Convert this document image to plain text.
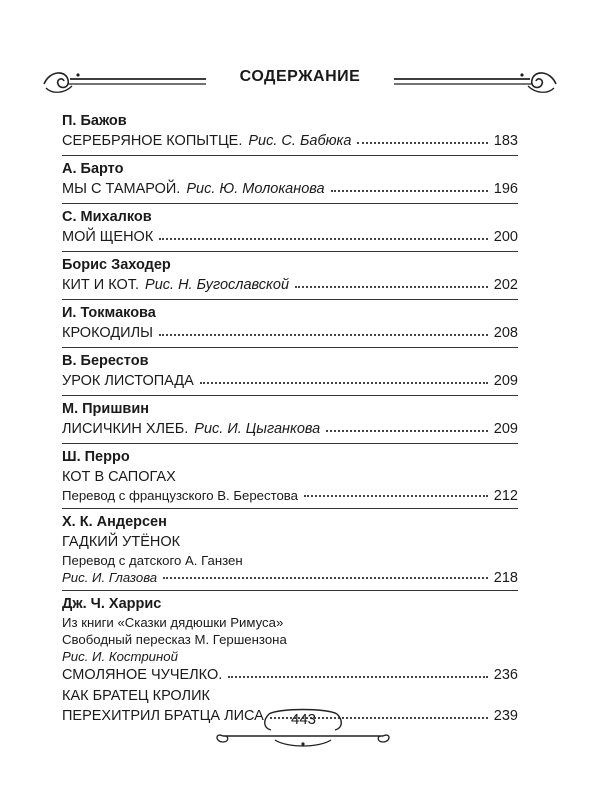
СОДЕРЖАНИЕ
П. Бажов
СЕРЕБРЯНОЕ КОПЫТЦЕ. Рис. С. Бабюка	183
А. Барто
МЫ С ТАМАРОЙ. Рис. Ю. Молоканова	196
С. Михалков
МОЙ ЩЕНОК	200
Борис Заходер
КИТ И КОТ. Рис. Н. Бугославской	202
И. Токмакова
КРОКОДИЛЫ	208
В. Берестов
УРОК ЛИСТОПАДА	209
М. Пришвин
ЛИСИЧКИН ХЛЕБ. Рис. И. Цыганкова	209
Ш. Перро
КОТ В САПОГАХ
Перевод с французского В. Берестова	212
Х. К. Андерсен
ГАДКИЙ УТЁНОК
Перевод с датского А. Ганзен
Рис. И. Глазова	218
Дж. Ч. Харрис
Из книги «Сказки дядюшки Римуса»
Свободный пересказ М. Гершензона
Рис. И. Костриной
СМОЛЯНОЕ ЧУЧЕЛКО.	236
КАК БРАТЕЦ КРОЛИК
ПЕРЕХИТРИЛ БРАТЦА ЛИСА	239
443
